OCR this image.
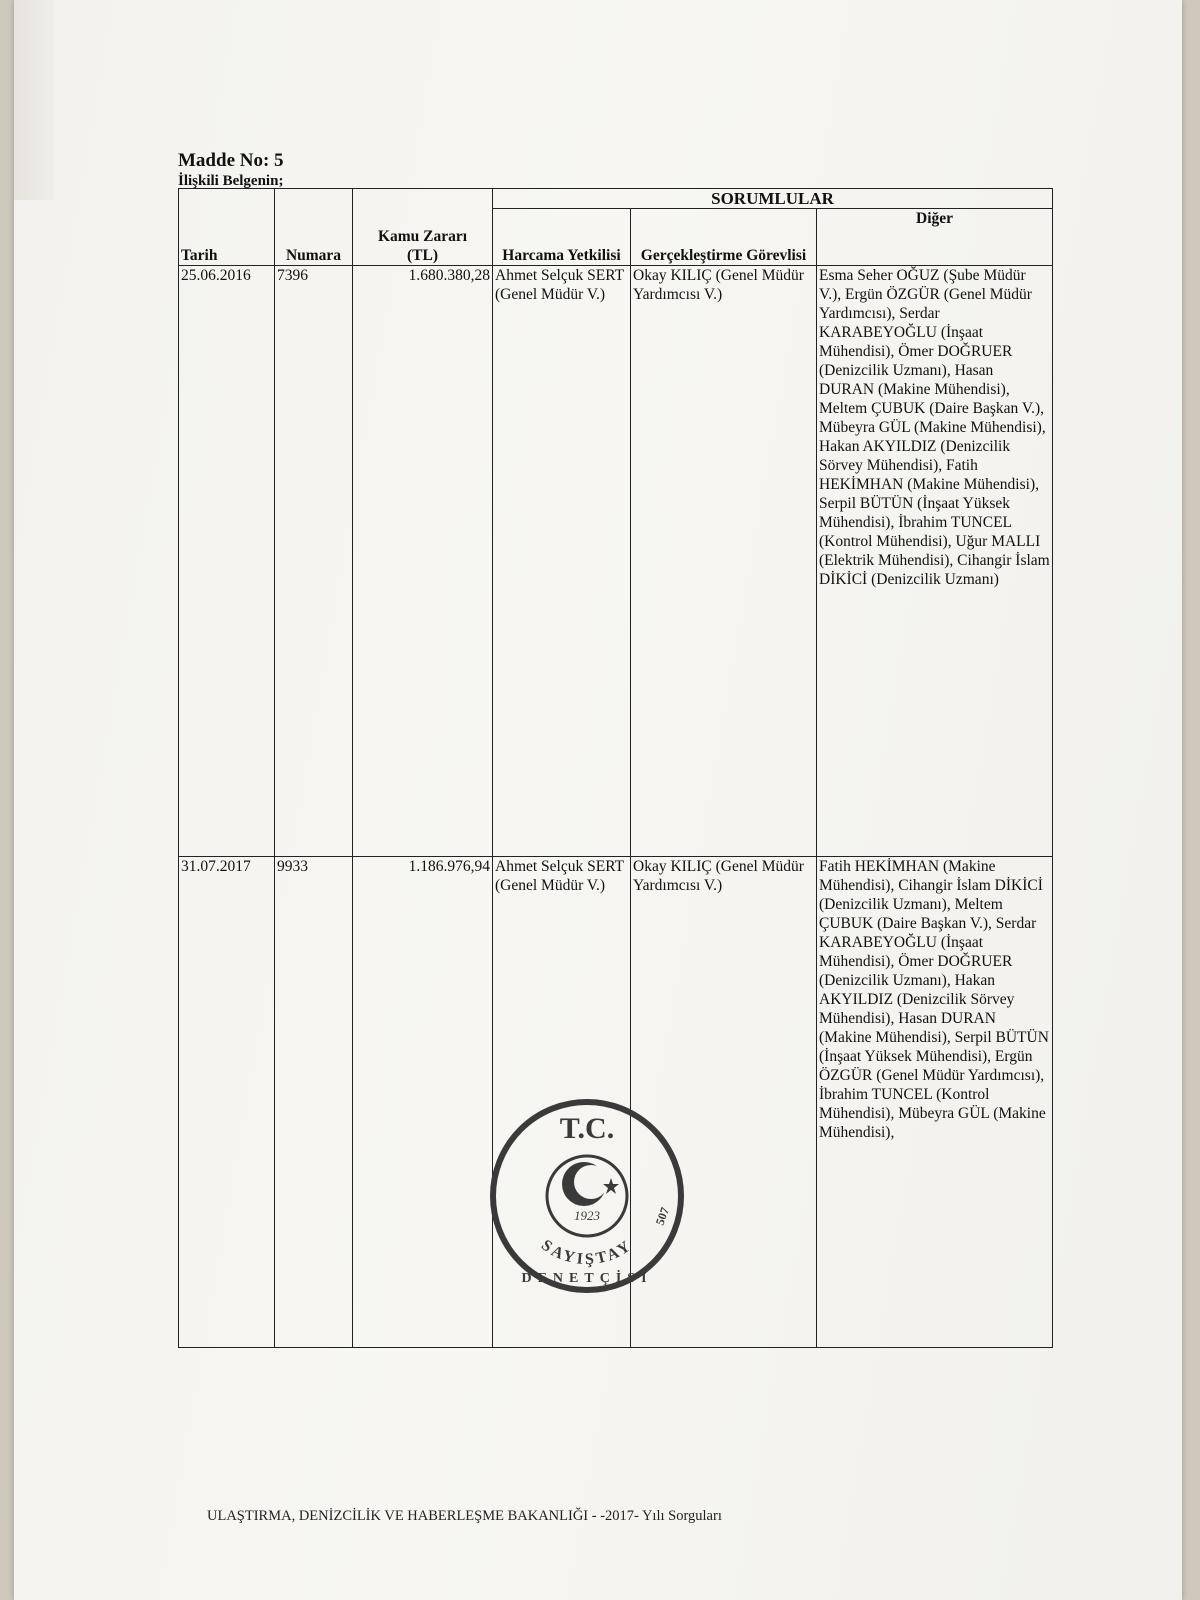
Madde No: 5
İlişkili Belgenin;
Tarih	Numara	Kamu Zararı (TL)	SORUMLULAR		
			Harcama Yetkilisi	Gerçekleştirme Görevlisi	Diğer
25.06.2016	7396	1.680.380,28	Ahmet Selçuk SERT (Genel Müdür V.)	Okay KILIÇ (Genel Müdür Yardımcısı V.)	Esma Seher OĞUZ (Şube Müdür V.), Ergün ÖZGÜR (Genel Müdür Yardımcısı), Serdar KARABEYOĞLU (İnşaat Mühendisi), Ömer DOĞRUER (Denizcilik Uzmanı), Hasan DURAN (Makine Mühendisi), Meltem ÇUBUK (Daire Başkan V.), Mübeyra GÜL (Makine Mühendisi), Hakan AKYILDIZ (Denizcilik Sörvey Mühendisi), Fatih HEKİMHAN (Makine Mühendisi), Serpil BÜTÜN (İnşaat Yüksek Mühendisi), İbrahim TUNCEL (Kontrol Mühendisi), Uğur MALLI (Elektrik Mühendisi), Cihangir İslam DİKİCİ (Denizcilik Uzmanı)
31.07.2017	9933	1.186.976,94	Ahmet Selçuk SERT (Genel Müdür V.)	Okay KILIÇ (Genel Müdür Yardımcısı V.)	Fatih HEKİMHAN (Makine Mühendisi), Cihangir İslam DİKİCİ (Denizcilik Uzmanı), Meltem ÇUBUK (Daire Başkan V.), Serdar KARABEYOĞLU (İnşaat Mühendisi), Ömer DOĞRUER (Denizcilik Uzmanı), Hakan AKYILDIZ (Denizcilik Sörvey Mühendisi), Hasan DURAN (Makine Mühendisi), Serpil BÜTÜN (İnşaat Yüksek Mühendisi), Ergün ÖZGÜR (Genel Müdür Yardımcısı), İbrahim TUNCEL (Kontrol Mühendisi), Mübeyra GÜL (Makine Mühendisi),
1923
T.C.
SAYIŞTAY
DENETÇİSİ
507
ULAŞTIRMA, DENİZCİLİK VE HABERLEŞME BAKANLIĞI - -2017- Yılı Sorguları
